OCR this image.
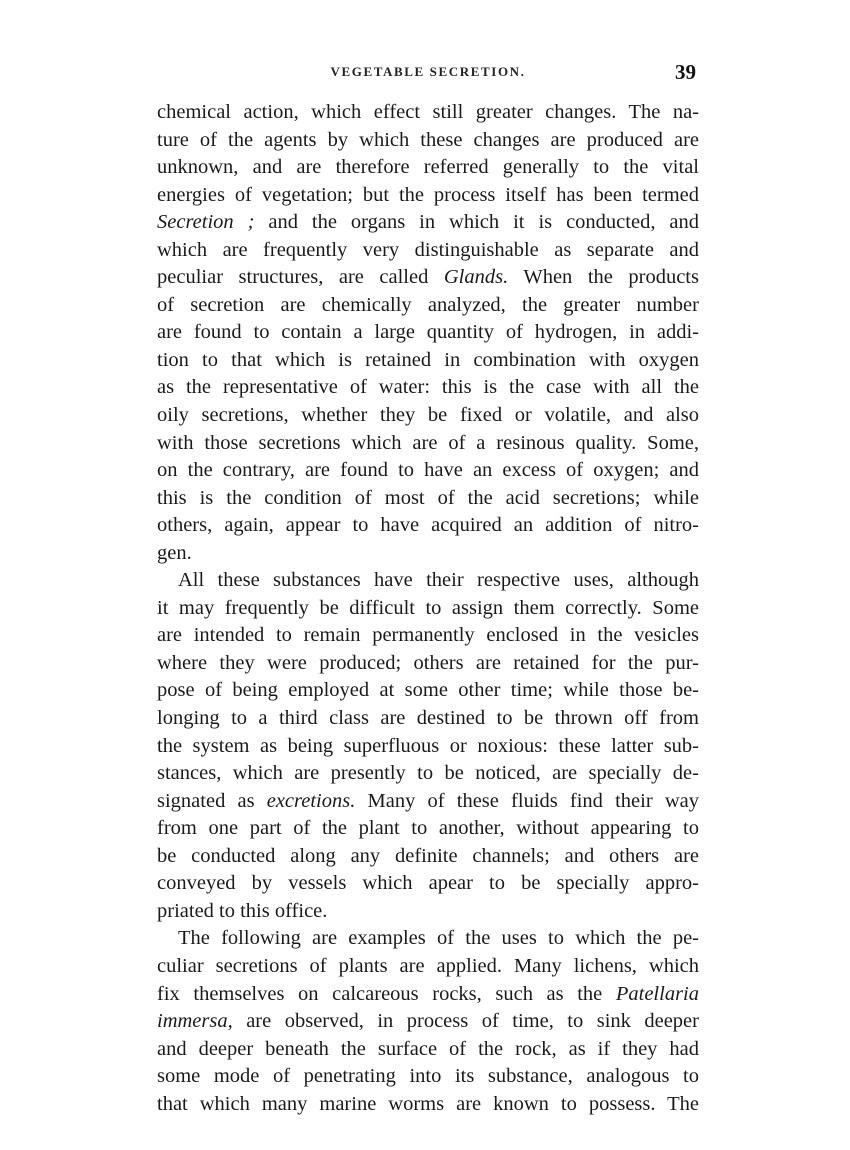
VEGETABLE SECRETION.	39
chemical action, which effect still greater changes. The na-
ture of the agents by which these changes are produced are
unknown, and are therefore referred generally to the vital
energies of vegetation; but the process itself has been termed
Secretion ; and the organs in which it is conducted, and
which are frequently very distinguishable as separate and
peculiar structures, are called Glands. When the products
of secretion are chemically analyzed, the greater number
are found to contain a large quantity of hydrogen, in addi-
tion to that which is retained in combination with oxygen
as the representative of water: this is the case with all the
oily secretions, whether they be fixed or volatile, and also
with those secretions which are of a resinous quality. Some,
on the contrary, are found to have an excess of oxygen; and
this is the condition of most of the acid secretions; while
others, again, appear to have acquired an addition of nitro-
gen.
All these substances have their respective uses, although
it may frequently be difficult to assign them correctly. Some
are intended to remain permanently enclosed in the vesicles
where they were produced; others are retained for the pur-
pose of being employed at some other time; while those be-
longing to a third class are destined to be thrown off from
the system as being superfluous or noxious: these latter sub-
stances, which are presently to be noticed, are specially de-
signated as excretions. Many of these fluids find their way
from one part of the plant to another, without appearing to
be conducted along any definite channels; and others are
conveyed by vessels which apear to be specially appro-
priated to this office.
The following are examples of the uses to which the pe-
culiar secretions of plants are applied. Many lichens, which
fix themselves on calcareous rocks, such as the Patellaria
immersa, are observed, in process of time, to sink deeper
and deeper beneath the surface of the rock, as if they had
some mode of penetrating into its substance, analogous to
that which many marine worms are known to possess. The
